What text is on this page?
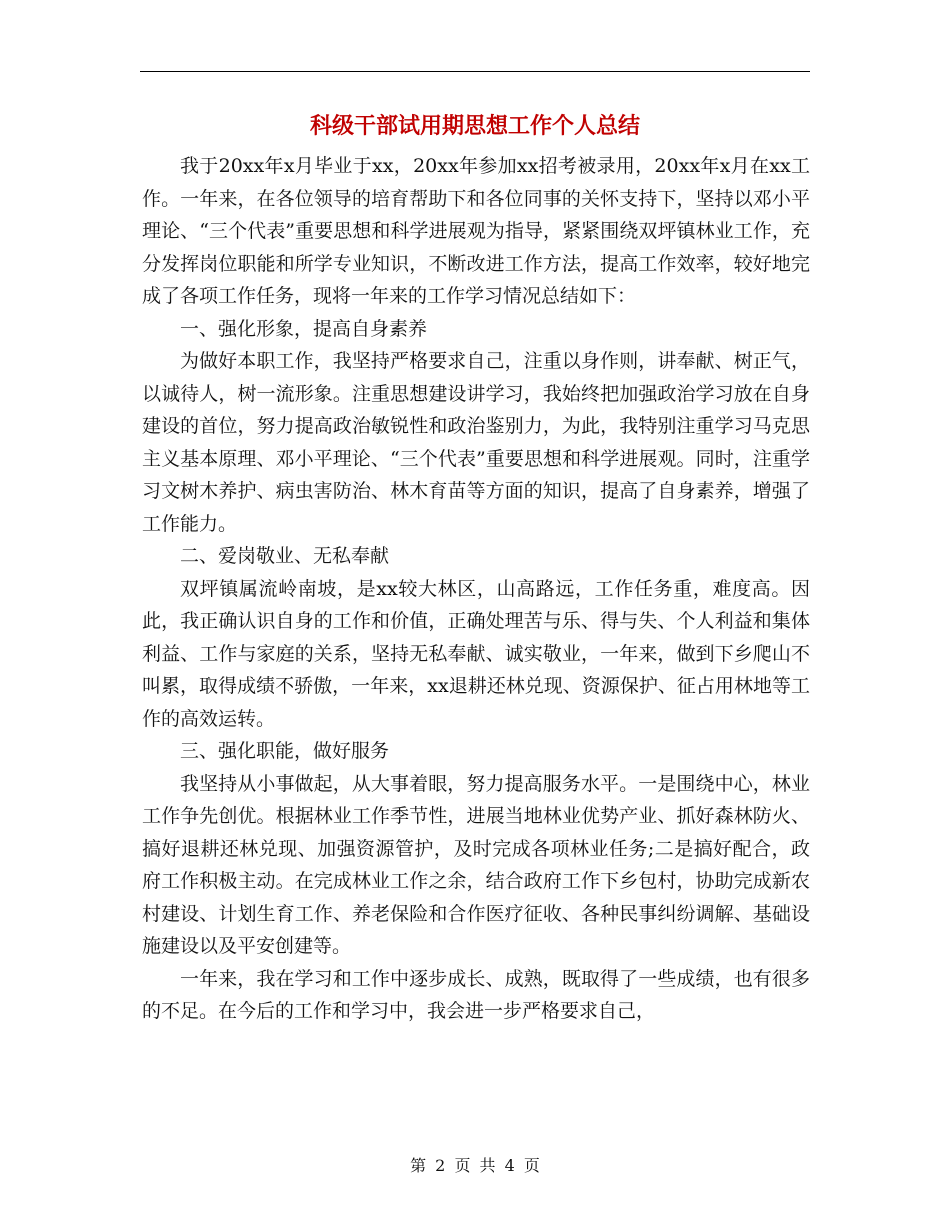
科级干部试用期思想工作个人总结

我于20xx年x月毕业于xx，20xx年参加xx招考被录用，20xx年x月在xx工作。一年来，在各位领导的培育帮助下和各位同事的关怀支持下，坚持以邓小平理论、“三个代表”重要思想和科学进展观为指导，紧紧围绕双坪镇林业工作，充分发挥岗位职能和所学专业知识，不断改进工作方法，提高工作效率，较好地完成了各项工作任务，现将一年来的工作学习情况总结如下：

一、强化形象，提高自身素养

为做好本职工作，我坚持严格要求自己，注重以身作则，讲奉献、树正气，以诚待人，树一流形象。注重思想建设讲学习，我始终把加强政治学习放在自身建设的首位，努力提高政治敏锐性和政治鉴别力，为此，我特别注重学习马克思主义基本原理、邓小平理论、“三个代表”重要思想和科学进展观。同时，注重学习文树木养护、病虫害防治、林木育苗等方面的知识，提高了自身素养，增强了工作能力。

二、爱岗敬业、无私奉献

双坪镇属流岭南坡，是xx较大林区，山高路远，工作任务重，难度高。因此，我正确认识自身的工作和价值，正确处理苦与乐、得与失、个人利益和集体利益、工作与家庭的关系，坚持无私奉献、诚实敬业，一年来，做到下乡爬山不叫累，取得成绩不骄傲，一年来，xx退耕还林兑现、资源保护、征占用林地等工作的高效运转。

三、强化职能，做好服务

我坚持从小事做起，从大事着眼，努力提高服务水平。一是围绕中心，林业工作争先创优。根据林业工作季节性，进展当地林业优势产业、抓好森林防火、搞好退耕还林兑现、加强资源管护，及时完成各项林业任务;二是搞好配合，政府工作积极主动。在完成林业工作之余，结合政府工作下乡包村，协助完成新农村建设、计划生育工作、养老保险和合作医疗征收、各种民事纠纷调解、基础设施建设以及平安创建等。

一年来，我在学习和工作中逐步成长、成熟，既取得了一些成绩，也有很多的不足。在今后的工作和学习中，我会进一步严格要求自己，

第 2 页 共 4 页
